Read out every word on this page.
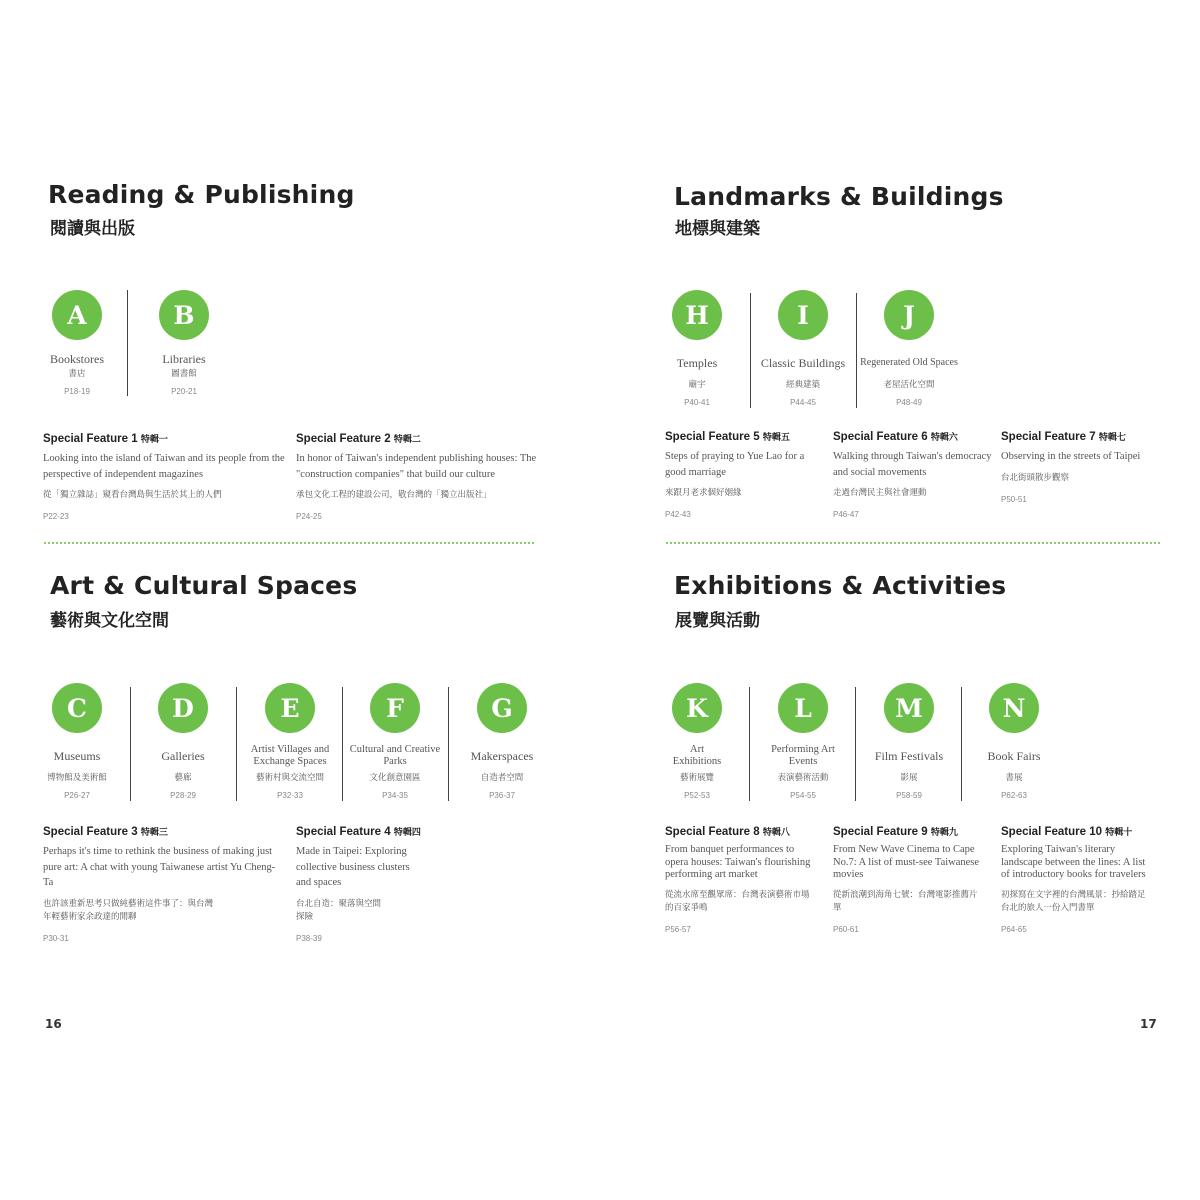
Reading & Publishing
閱讀與出版
A
Bookstores
書店
P18-19
B
Libraries
圖書館
P20-21
Special Feature 1 特輯一
Looking into the island of Taiwan and its people from the perspective of independent magazines
從「獨立雜誌」窺看台灣島與生活於其上的人們
P22-23
Special Feature 2 特輯二
In honor of Taiwan's independent publishing houses: The "construction companies" that build our culture
承包文化工程的建設公司，敬台灣的「獨立出版社」
P24-25
Landmarks & Buildings
地標與建築
H
Temples
廟宇
P40-41
I
Classic Buildings
經典建築
P44-45
J
Regenerated Old Spaces
老屋活化空間
P48-49
Special Feature 5 特輯五
Steps of praying to Yue Lao for a good marriage
來跟月老求個好姻緣
P42-43
Special Feature 6 特輯六
Walking through Taiwan's democracy and social movements
走過台灣民主與社會運動
P46-47
Special Feature 7 特輯七
Observing in the streets of Taipei
台北街頭散步觀察
P50-51
Art & Cultural Spaces
藝術與文化空間
C
Museums
博物館及美術館
P26-27
D
Galleries
藝廊
P28-29
E
Artist Villages and Exchange Spaces
藝術村與交流空間
P32-33
F
Cultural and Creative Parks
文化創意園區
P34-35
G
Makerspaces
自造者空間
P36-37
Special Feature 3 特輯三
Perhaps it's time to rethink the business of making just pure art: A chat with young Taiwanese artist Yu Cheng-Ta
也許該重新思考只做純藝術這件事了：與台灣年輕藝術家余政達的閒聊
P30-31
Special Feature 4 特輯四
Made in Taipei: Exploring collective business clusters and spaces
台北自造：聚落與空間探險
P38-39
Exhibitions & Activities
展覽與活動
K
Art Exhibitions
藝術展覽
P52-53
L
Performing Art Events
表演藝術活動
P54-55
M
Film Festivals
影展
P58-59
N
Book Fairs
書展
P62-63
Special Feature 8 特輯八
From banquet performances to opera houses: Taiwan's flourishing performing art market
從流水席至觀眾席：台灣表演藝術市場的百家爭鳴
P56-57
Special Feature 9 特輯九
From New Wave Cinema to Cape No.7: A list of must-see Taiwanese movies
從新浪潮到海角七號：台灣電影推薦片單
P60-61
Special Feature 10 特輯十
Exploring Taiwan's literary landscape between the lines: A list of introductory books for travelers
初探寫在文字裡的台灣風景：抄給踏足台北的旅人一份入門書單
P64-65
16	17
